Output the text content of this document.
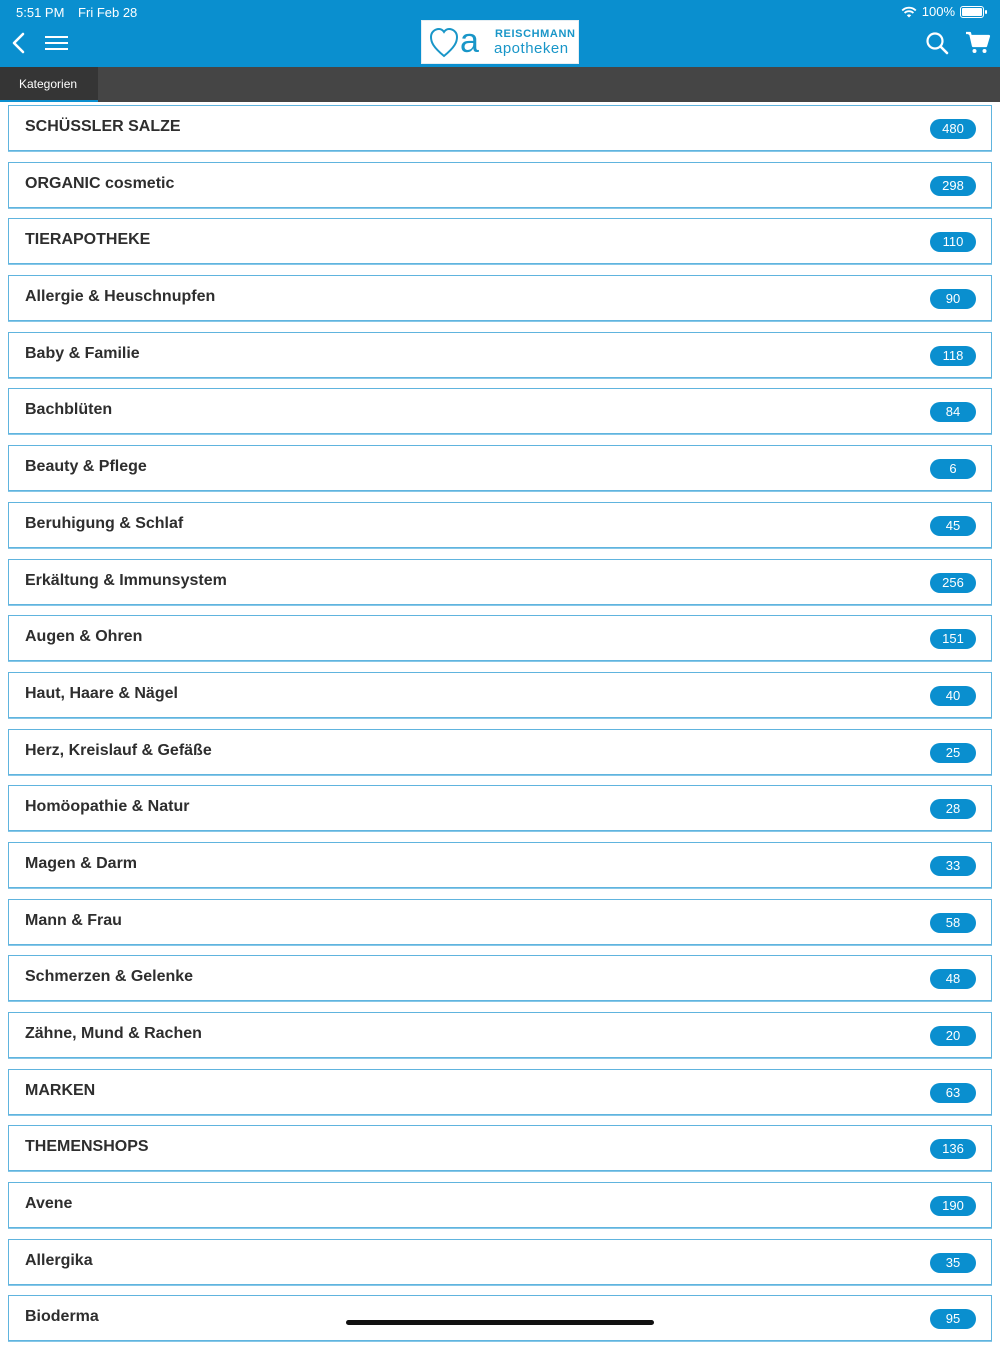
5:51 PM Fri Feb 28	100%
a REISCHMANN
apotheken
Kategorien
SCHÜSSLER SALZE	480
ORGANIC cosmetic	298
TIERAPOTHEKE	110
Allergie & Heuschnupfen	90
Baby & Familie	118
Bachblüten	84
Beauty & Pflege	6
Beruhigung & Schlaf	45
Erkältung & Immunsystem	256
Augen & Ohren	151
Haut, Haare & Nägel	40
Herz, Kreislauf & Gefäße	25
Homöopathie & Natur	28
Magen & Darm	33
Mann & Frau	58
Schmerzen & Gelenke	48
Zähne, Mund & Rachen	20
MARKEN	63
THEMENSHOPS	136
Avene	190
Allergika	35
Bioderma	95
